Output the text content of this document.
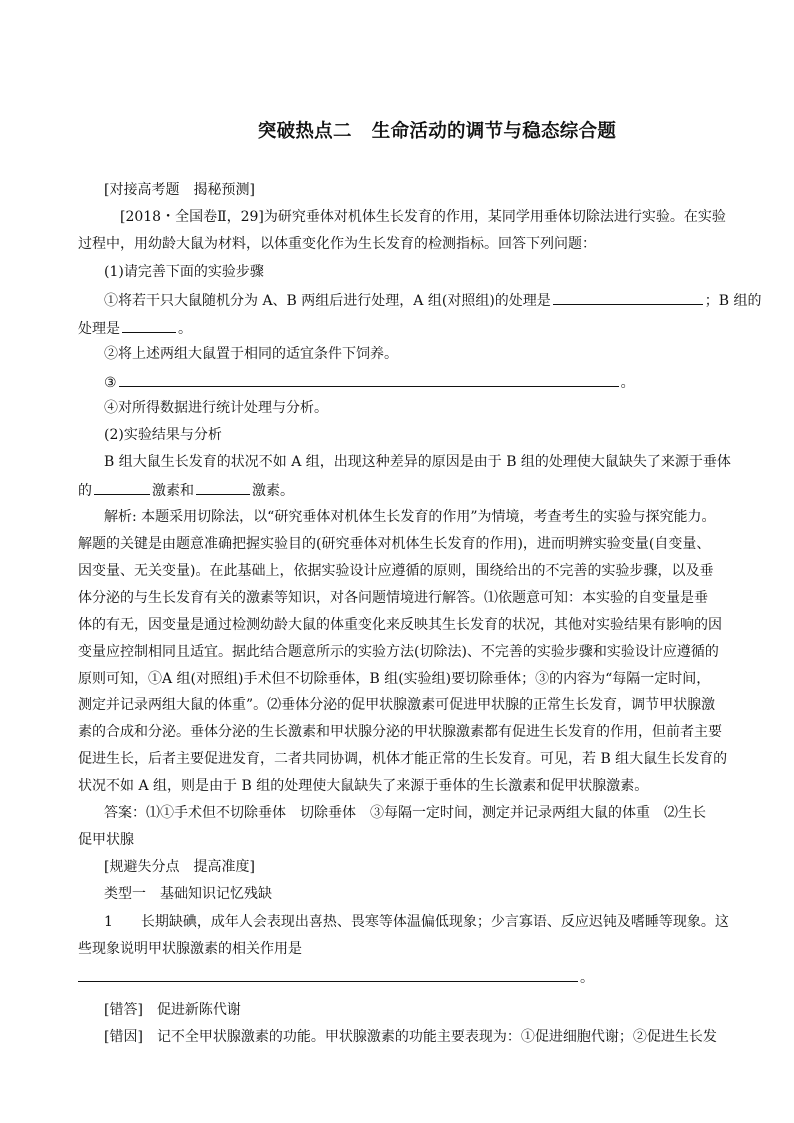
突破热点二 生命活动的调节与稳态综合题
[对接高考题　揭秘预测]
[2018・全国卷Ⅱ，29]为研究垂体对机体生长发育的作用，某同学用垂体切除法进行实验。在实验
过程中，用幼龄大鼠为材料，以体重变化作为生长发育的检测指标。回答下列问题：
(1)请完善下面的实验步骤
①将若干只大鼠随机分为 A、B 两组后进行处理，A 组(对照组)的处理是	；B 组的
处理是	。
②将上述两组大鼠置于相同的适宜条件下饲养。
③	。
④对所得数据进行统计处理与分析。
(2)实验结果与分析
B 组大鼠生长发育的状况不如 A 组，出现这种差异的原因是由于 B 组的处理使大鼠缺失了来源于垂体
的	激素和	激素。
解析: 本题采用切除法，以“研究垂体对机体生长发育的作用”为情境，考查考生的实验与探究能力。
解题的关键是由题意准确把握实验目的(研究垂体对机体生长发育的作用)，进而明辨实验变量(自变量、
因变量、无关变量)。在此基础上，依据实验设计应遵循的原则，围绕给出的不完善的实验步骤，以及垂
体分泌的与生长发育有关的激素等知识，对各问题情境进行解答。⑴依题意可知：本实验的自变量是垂
体的有无，因变量是通过检测幼龄大鼠的体重变化来反映其生长发育的状况，其他对实验结果有影响的因
变量应控制相同且适宜。据此结合题意所示的实验方法(切除法)、不完善的实验步骤和实验设计应遵循的
原则可知，①A 组(对照组)手术但不切除垂体，B 组(实验组)要切除垂体；③的内容为“每隔一定时间，
测定并记录两组大鼠的体重”。⑵垂体分泌的促甲状腺激素可促进甲状腺的正常生长发育，调节甲状腺激
素的合成和分泌。垂体分泌的生长激素和甲状腺分泌的甲状腺激素都有促进生长发育的作用，但前者主要
促进生长，后者主要促进发育，二者共同协调，机体才能正常的生长发育。可见，若 B 组大鼠生长发育的
状况不如 A 组，则是由于 B 组的处理使大鼠缺失了来源于垂体的生长激素和促甲状腺激素。
答案：⑴①手术但不切除垂体　切除垂体　③每隔一定时间，测定并记录两组大鼠的体重　⑵生长
促甲状腺
[规避失分点　提高准度]
类型一　基础知识记忆残缺
1　　长期缺碘，成年人会表现出喜热、畏寒等体温偏低现象；少言寡语、反应迟钝及嗜睡等现象。这
些现象说明甲状腺激素的相关作用是
。
[错答] 促进新陈代谢
[错因] 记不全甲状腺激素的功能。甲状腺激素的功能主要表现为：①促进细胞代谢；②促进生长发
